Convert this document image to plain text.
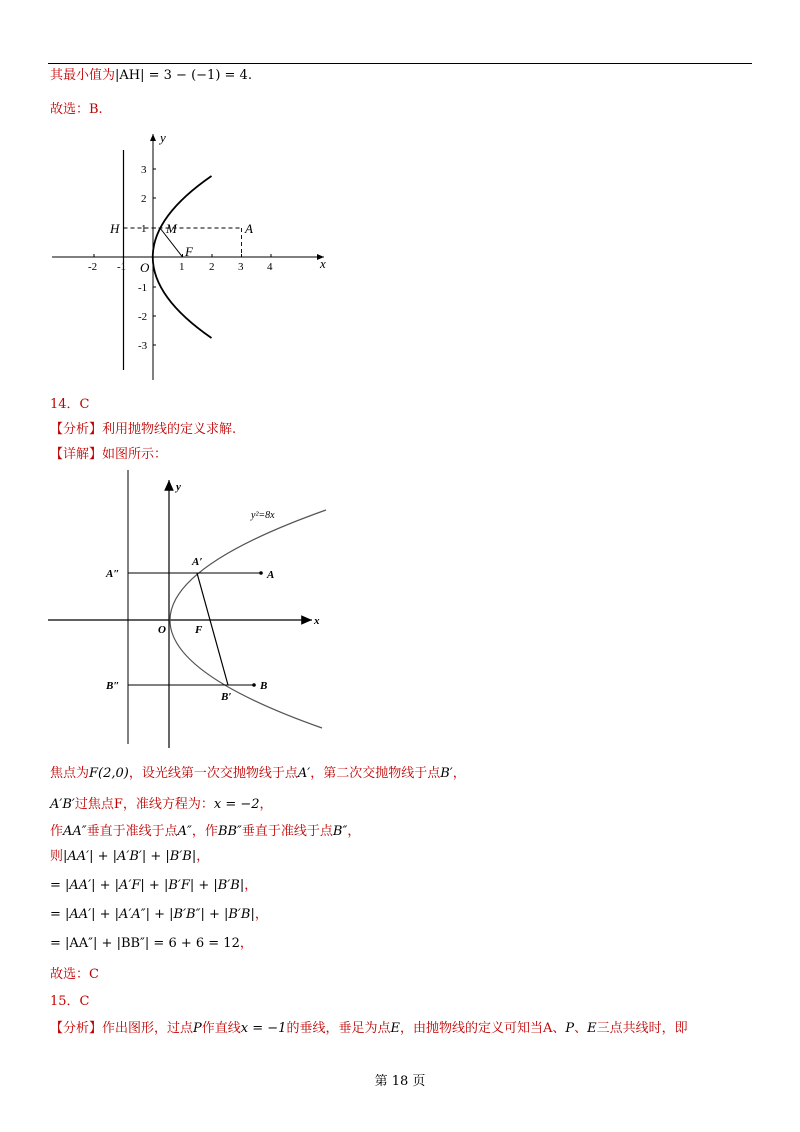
其最小值为|AH| = 3 − (−1) = 4.
故选：B.
-2 -1	1 2 3 4
3
2
1
-1
-2
-3
y
x
H	M	A
F
O
14．C
【分析】利用抛物线的定义求解.
【详解】如图所示：
y
x
A″
A′
A
O	F
B″
B′
B
y²=8x
焦点为F(2,0)，设光线第一次交抛物线于点A′，第二次交抛物线于点B′，
A′B′过焦点F，准线方程为：x = −2，
作AA″垂直于准线于点A″，作BB″垂直于准线于点B″，
则|AA′| + |A′B′| + |B′B|，
= |AA′| + |A′F| + |B′F| + |B′B|，
= |AA′| + |A′A″| + |B′B″| + |B′B|，
= |AA″| + |BB″| = 6 + 6 = 12，
故选：C
15．C
【分析】作出图形，过点P作直线x = −1的垂线，垂足为点E，由抛物线的定义可知当A、P、E三点共线时，即
第 18 页
